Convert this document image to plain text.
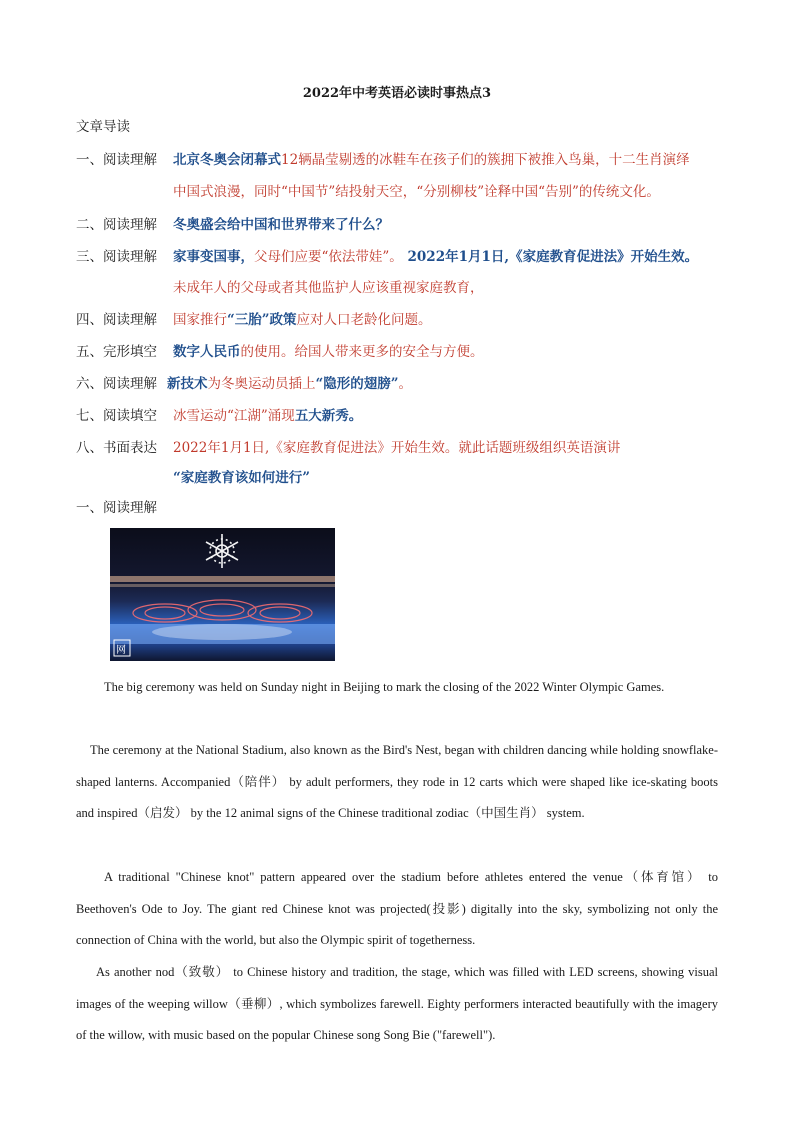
2022年中考英语必读时事热点3
文章导读
一、阅读理解 北京冬奥会闭幕式12辆晶莹剔透的冰鞋车在孩子们的簇拥下被推入鸟巢，十二生肖演绎
中国式浪漫，同时“中国节”结投射天空，“分别柳枝”诠释中国“告别”的传统文化。
二、阅读理解 冬奥盛会给中国和世界带来了什么？
三、阅读理解 家事变国事，父母们应要“依法带娃”。 2022年1月1日,《家庭教育促进法》开始生效。
未成年人的父母或者其他监护人应该重视家庭教育，
四、阅读理解 国家推行“三胎”政策应对人口老龄化问题。
五、完形填空 数字人民币的使用。给国人带来更多的安全与方便。
六、阅读理解 新技术为冬奥运动员插上“隐形的翅膀”。
七、阅读填空 冰雪运动“江湖”涌现五大新秀。
八、书面表达 2022年1月1日,《家庭教育促进法》开始生效。就此话题班级组织英语演讲
“家庭教育该如何进行”
一、阅读理解
网
The big ceremony was held on Sunday night in Beijing to mark the closing of the 2022 Winter Olympic Games.
The ceremony at the National Stadium, also known as the Bird's Nest, began with children dancing while holding snowflake-shaped lanterns. Accompanied（陪伴） by adult performers, they rode in 12 carts which were shaped like ice-skating boots and inspired（启发） by the 12 animal signs of the Chinese traditional zodiac（中国生肖） system.
A traditional "Chinese knot" pattern appeared over the stadium before athletes entered the venue（体育馆） to Beethoven's Ode to Joy. The giant red Chinese knot was projected(投影) digitally into the sky, symbolizing not only the connection of China with the world, but also the Olympic spirit of togetherness.
As another nod（致敬） to Chinese history and tradition, the stage, which was filled with LED screens, showing visual images of the weeping willow（垂柳）, which symbolizes farewell. Eighty performers interacted beautifully with the imagery of the willow, with music based on the popular Chinese song Song Bie ("farewell").
